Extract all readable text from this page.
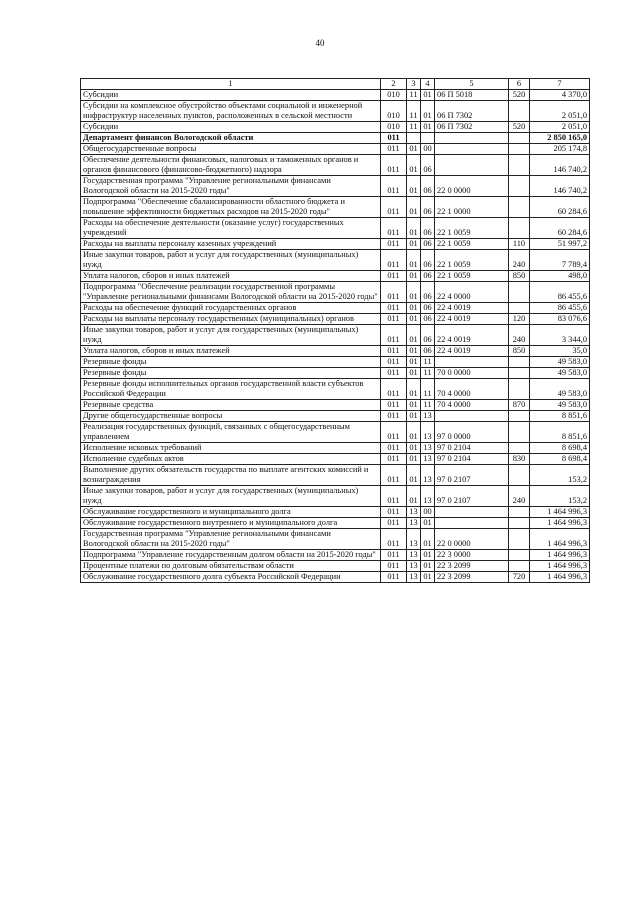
40
1	2	3	4	5	6	7
Субсидии	010	11	01	06 П 5018	520	4 370,0
Субсидии на комплексное обустройство объектами социальной и инженерной инфраструктур населенных пунктов, расположенных в сельской местности	010	11	01	06 П 7302		2 051,0
Субсидии	010	11	01	06 П 7302	520	2 051,0
Департамент финансов Вологодской области	011					2 850 165,0
Общегосударственные вопросы	011	01	00			205 174,8
Обеспечение деятельности финансовых, налоговых и таможенных органов и органов финансового (финансово-бюджетного) надзора	011	01	06			146 740,2
Государственная программа "Управление региональными финансами Вологодской области на 2015-2020 годы"	011	01	06	22 0 0000		146 740,2
Подпрограмма "Обеспечение сбалансированности областного бюджета и повышение эффективности бюджетных расходов на 2015-2020 годы"	011	01	06	22 1 0000		60 284,6
Расходы на обеспечение деятельности (оказание услуг) государственных учреждений	011	01	06	22 1 0059		60 284,6
Расходы на выплаты персоналу казенных учреждений	011	01	06	22 1 0059	110	51 997,2
Иные закупки товаров, работ и услуг для государственных (муниципальных) нужд	011	01	06	22 1 0059	240	7 789,4
Уплата налогов, сборов и иных платежей	011	01	06	22 1 0059	850	498,0
Подпрограмма "Обеспечение реализации государственной программы "Управление региональными финансами Вологодской области на 2015-2020 годы"	011	01	06	22 4 0000		86 455,6
Расходы на обеспечение функций государственных органов	011	01	06	22 4 0019		86 455,6
Расходы на выплаты персоналу государственных (муниципальных) органов	011	01	06	22 4 0019	120	83 076,6
Иные закупки товаров, работ и услуг для государственных (муниципальных) нужд	011	01	06	22 4 0019	240	3 344,0
Уплата налогов, сборов и иных платежей	011	01	06	22 4 0019	850	35,0
Резервные фонды	011	01	11			49 583,0
Резервные фонды	011	01	11	70 0 0000		49 583,0
Резервные фонды исполнительных органов государственной власти субъектов Российской Федерации	011	01	11	70 4 0000		49 583,0
Резервные средства	011	01	11	70 4 0000	870	49 583,0
Другие общегосударственные вопросы	011	01	13			8 851,6
Реализация государственных функций, связанных с общегосударственным управлением	011	01	13	97 0 0000		8 851,6
Исполнение исковых требований	011	01	13	97 0 2104		8 698,4
Исполнение судебных актов	011	01	13	97 0 2104	830	8 698,4
Выполнение других обязательств государства по выплате агентских комиссий и вознаграждения	011	01	13	97 0 2107		153,2
Иные закупки товаров, работ и услуг для государственных (муниципальных) нужд	011	01	13	97 0 2107	240	153,2
Обслуживание государственного и муниципального долга	011	13	00			1 464 996,3
Обслуживание государственного внутреннего и муниципального долга	011	13	01			1 464 996,3
Государственная программа "Управление региональными финансами Вологодской области на 2015-2020 годы"	011	13	01	22 0 0000		1 464 996,3
Подпрограмма "Управление государственным долгом области на 2015-2020 годы"	011	13	01	22 3 0000		1 464 996,3
Процентные платежи по долговым обязательствам области	011	13	01	22 3 2099		1 464 996,3
Обслуживание государственного долга субъекта Российской Федерации	011	13	01	22 3 2099	720	1 464 996,3
